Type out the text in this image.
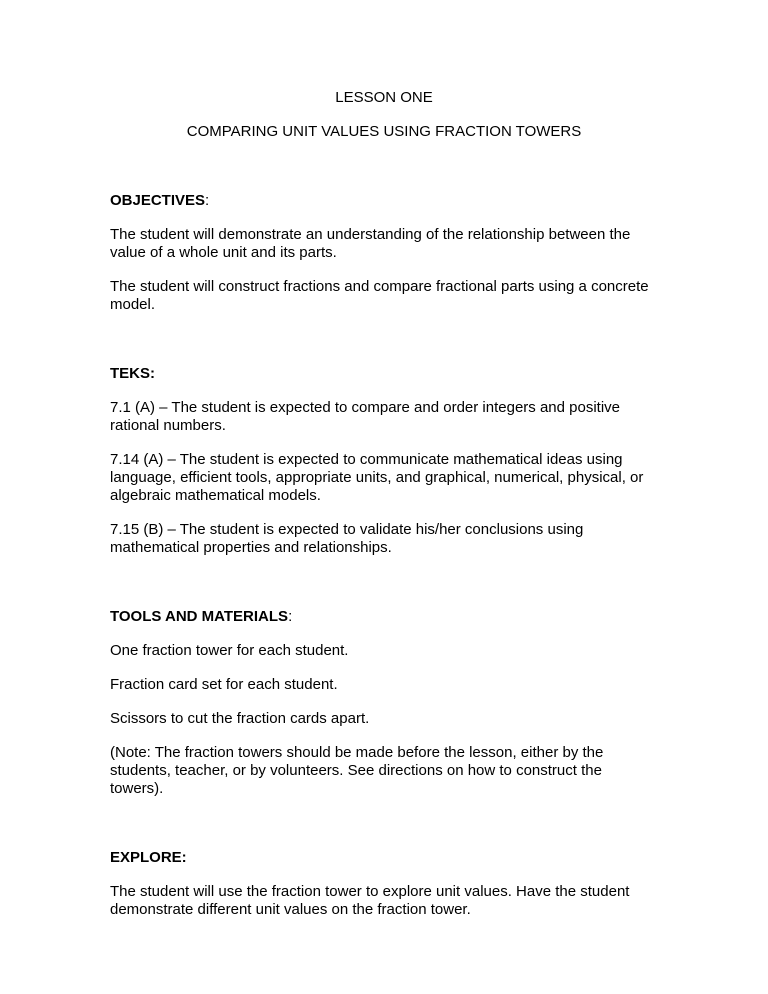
LESSON ONE
COMPARING UNIT VALUES USING FRACTION TOWERS
OBJECTIVES:
The student will demonstrate an understanding of the relationship between the value of a whole unit and its parts.
The student will construct fractions and compare fractional parts using a concrete model.
TEKS:
7.1 (A) – The student is expected to compare and order integers and positive rational numbers.
7.14 (A) – The student is expected to communicate mathematical ideas using language, efficient tools, appropriate units, and graphical, numerical, physical, or algebraic mathematical models.
7.15 (B) – The student is expected to validate his/her conclusions using mathematical properties and relationships.
TOOLS AND MATERIALS:
One fraction tower for each student.
Fraction card set for each student.
Scissors to cut the fraction cards apart.
(Note: The fraction towers should be made before the lesson, either by the students, teacher, or by volunteers. See directions on how to construct the towers).
EXPLORE:
The student will use the fraction tower to explore unit values. Have the student demonstrate different unit values on the fraction tower.
